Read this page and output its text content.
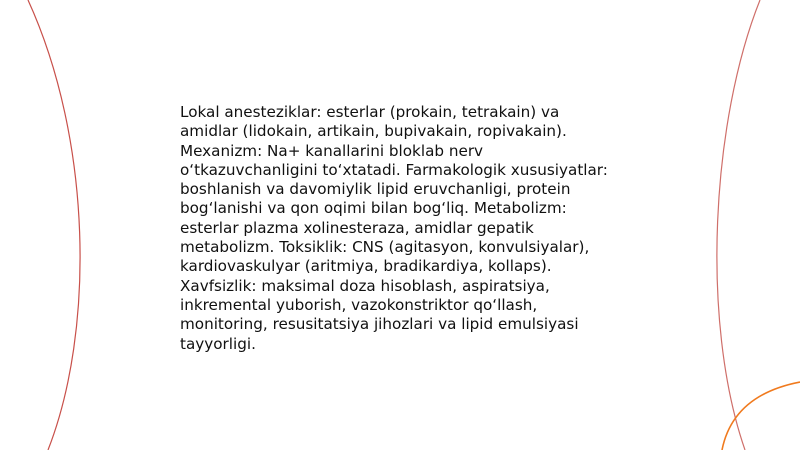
Lokal anesteziklar: esterlar (prokain, tetrakain) va amidlar (lidokain, artikain, bupivakain, ropivakain). Mexanizm: Na+ kanallarini bloklab nerv o‘tkazuvchanligini to‘xtatadi. Farmakologik xususiyatlar: boshlanish va davomiylik lipid eruvchanligi, protein bog‘lanishi va qon oqimi bilan bog‘liq. Metabolizm: esterlar plazma xolinesteraza, amidlar gepatik metabolizm. Toksiklik: CNS (agitasyon, konvulsiyalar), kardiovaskulyar (aritmiya, bradikardiya, kollaps). Xavfsizlik: maksimal doza hisoblash, aspiratsiya, inkremental yuborish, vazokonstriktor qo‘llash, monitoring, resusitatsiya jihozlari va lipid emulsiyasi tayyorligi.
